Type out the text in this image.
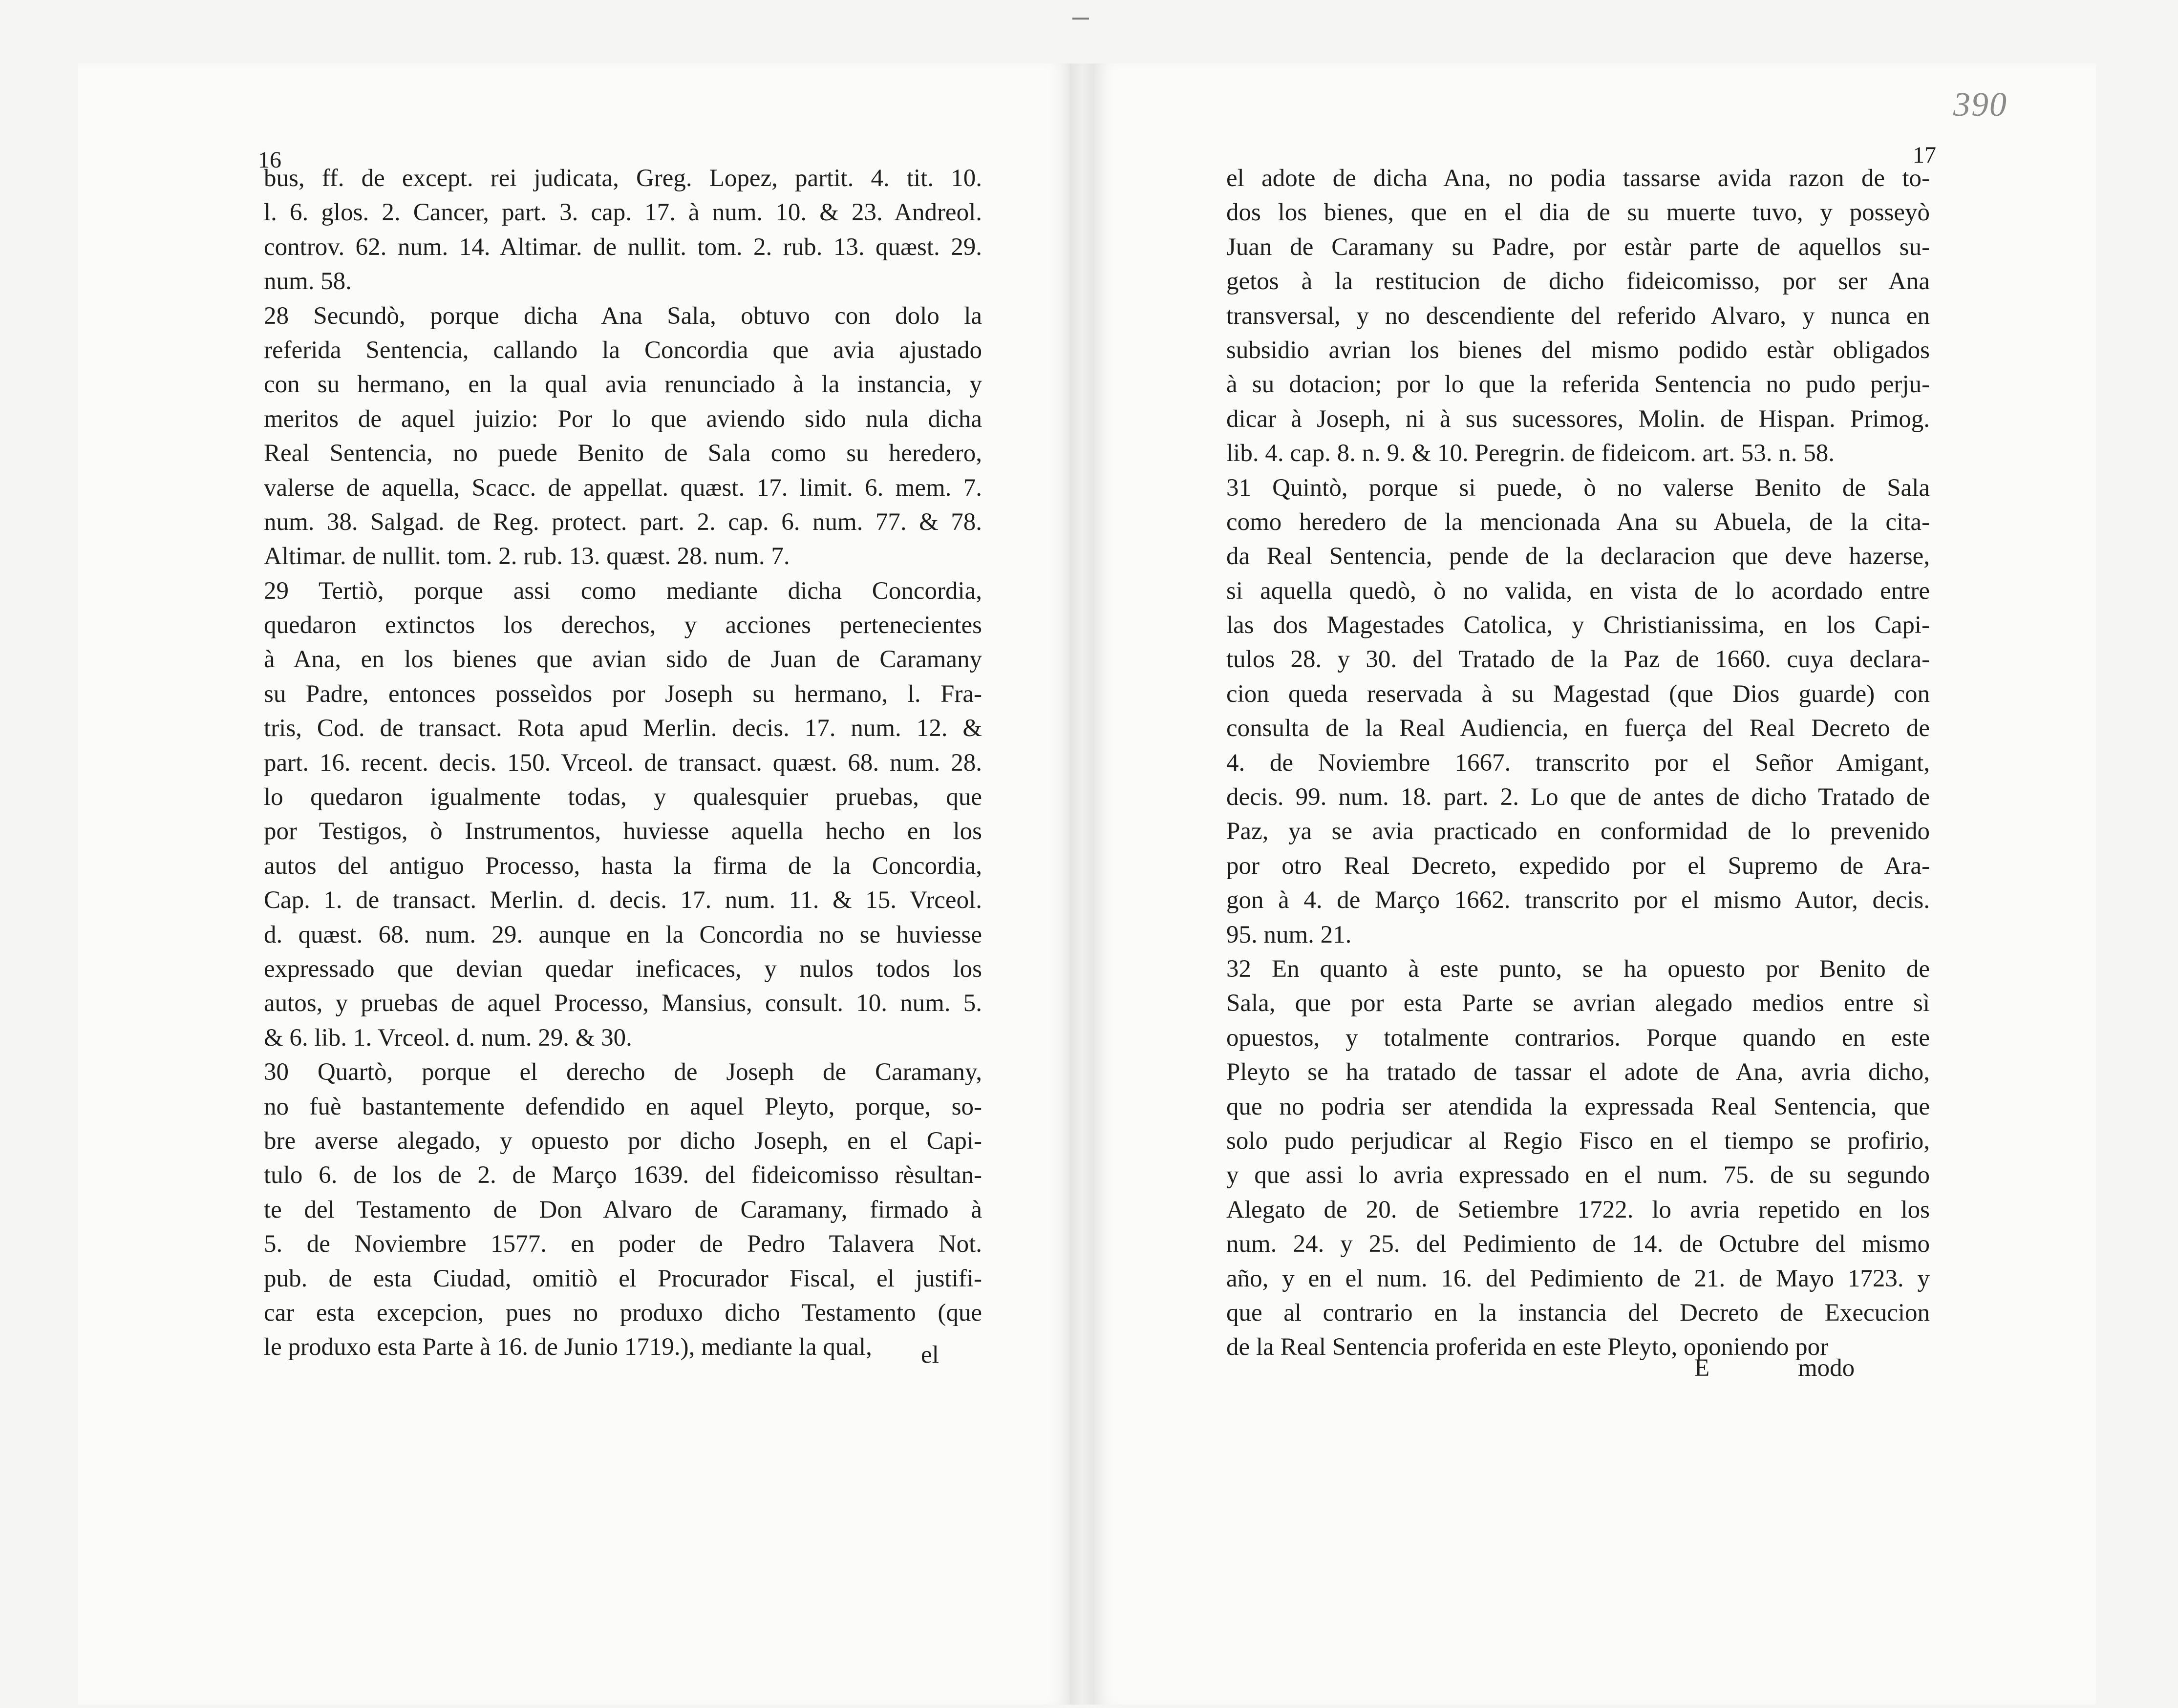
390
16	17
bus, ff. de except. rei judicata, Greg. Lopez, partit. 4. tit. 10.
l. 6. glos. 2. Cancer, part. 3. cap. 17. à num. 10. & 23. Andreol.
controv. 62. num. 14. Altimar. de nullit. tom. 2. rub. 13. quæst. 29.
num. 58.
28 Secundò, porque dicha Ana Sala, obtuvo con dolo la
referida Sentencia, callando la Concordia que avia ajustado
con su hermano, en la qual avia renunciado à la instancia, y
meritos de aquel juizio: Por lo que aviendo sido nula dicha
Real Sentencia, no puede Benito de Sala como su heredero,
valerse de aquella, Scacc. de appellat. quæst. 17. limit. 6. mem. 7.
num. 38. Salgad. de Reg. protect. part. 2. cap. 6. num. 77. & 78.
Altimar. de nullit. tom. 2. rub. 13. quæst. 28. num. 7.
29 Tertiò, porque assi como mediante dicha Concordia,
quedaron extinctos los derechos, y acciones pertenecientes
à Ana, en los bienes que avian sido de Juan de Caramany
su Padre, entonces posseìdos por Joseph su hermano, l. Fra-
tris, Cod. de transact. Rota apud Merlin. decis. 17. num. 12. &
part. 16. recent. decis. 150. Vrceol. de transact. quæst. 68. num. 28.
lo quedaron igualmente todas, y qualesquier pruebas, que
por Testigos, ò Instrumentos, huviesse aquella hecho en los
autos del antiguo Processo, hasta la firma de la Concordia,
Cap. 1. de transact. Merlin. d. decis. 17. num. 11. & 15. Vrceol.
d. quæst. 68. num. 29. aunque en la Concordia no se huviesse
expressado que devian quedar ineficaces, y nulos todos los
autos, y pruebas de aquel Processo, Mansius, consult. 10. num. 5.
& 6. lib. 1. Vrceol. d. num. 29. & 30.
30 Quartò, porque el derecho de Joseph de Caramany,
no fuè bastantemente defendido en aquel Pleyto, porque, so-
bre averse alegado, y opuesto por dicho Joseph, en el Capi-
tulo 6. de los de 2. de Março 1639. del fideicomisso rèsultan-
te del Testamento de Don Alvaro de Caramany, firmado à
5. de Noviembre 1577. en poder de Pedro Talavera Not.
pub. de esta Ciudad, omitiò el Procurador Fiscal, el justifi-
car esta excepcion, pues no produxo dicho Testamento (que
le produxo esta Parte à 16. de Junio 1719.), mediante la qual,
el adote de dicha Ana, no podia tassarse avida razon de to-
dos los bienes, que en el dia de su muerte tuvo, y posseyò
Juan de Caramany su Padre, por estàr parte de aquellos su-
getos à la restitucion de dicho fideicomisso, por ser Ana
transversal, y no descendiente del referido Alvaro, y nunca en
subsidio avrian los bienes del mismo podido estàr obligados
à su dotacion; por lo que la referida Sentencia no pudo perju-
dicar à Joseph, ni à sus sucessores, Molin. de Hispan. Primog.
lib. 4. cap. 8. n. 9. & 10. Peregrin. de fideicom. art. 53. n. 58.
31 Quintò, porque si puede, ò no valerse Benito de Sala
como heredero de la mencionada Ana su Abuela, de la cita-
da Real Sentencia, pende de la declaracion que deve hazerse,
si aquella quedò, ò no valida, en vista de lo acordado entre
las dos Magestades Catolica, y Christianissima, en los Capi-
tulos 28. y 30. del Tratado de la Paz de 1660. cuya declara-
cion queda reservada à su Magestad (que Dios guarde) con
consulta de la Real Audiencia, en fuerça del Real Decreto de
4. de Noviembre 1667. transcrito por el Señor Amigant,
decis. 99. num. 18. part. 2. Lo que de antes de dicho Tratado de
Paz, ya se avia practicado en conformidad de lo prevenido
por otro Real Decreto, expedido por el Supremo de Ara-
gon à 4. de Março 1662. transcrito por el mismo Autor, decis.
95. num. 21.
32 En quanto à este punto, se ha opuesto por Benito de
Sala, que por esta Parte se avrian alegado medios entre sì
opuestos, y totalmente contrarios. Porque quando en este
Pleyto se ha tratado de tassar el adote de Ana, avria dicho,
que no podria ser atendida la expressada Real Sentencia, que
solo pudo perjudicar al Regio Fisco en el tiempo se profirio,
y que assi lo avria expressado en el num. 75. de su segundo
Alegato de 20. de Setiembre 1722. lo avria repetido en los
num. 24. y 25. del Pedimiento de 14. de Octubre del mismo
año, y en el num. 16. del Pedimiento de 21. de Mayo 1723. y
que al contrario en la instancia del Decreto de Execucion
de la Real Sentencia proferida en este Pleyto, oponiendo por
el	E	modo
